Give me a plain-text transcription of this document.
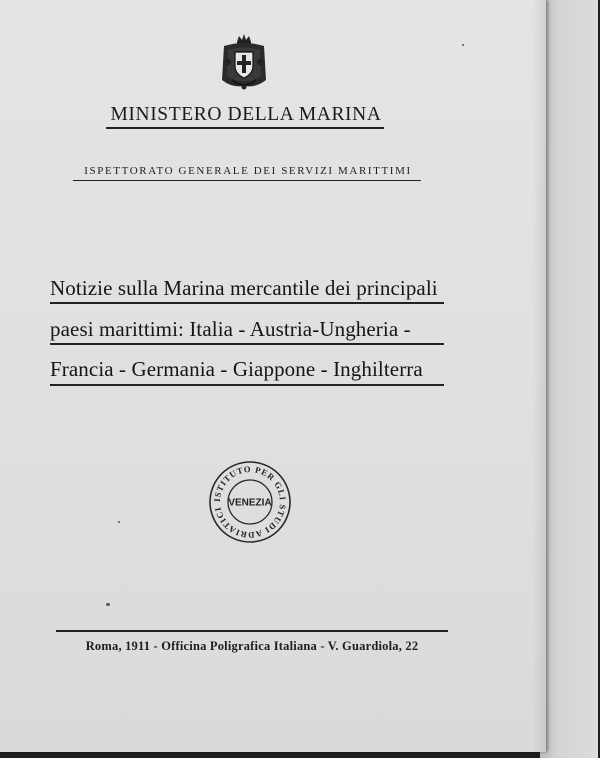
MINISTERO DELLA MARINA
ISPETTORATO GENERALE DEI SERVIZI MARITTIMI
Notizie sulla Marina mercantile dei principali
paesi marittimi: Italia - Austria-Ungheria -
Francia - Germania - Giappone - Inghilterra
ISTITUTO PER GLI STUDI ADRIATICI
VENEZIA
Roma, 1911 - Officina Poligrafica Italiana - V. Guardiola, 22
